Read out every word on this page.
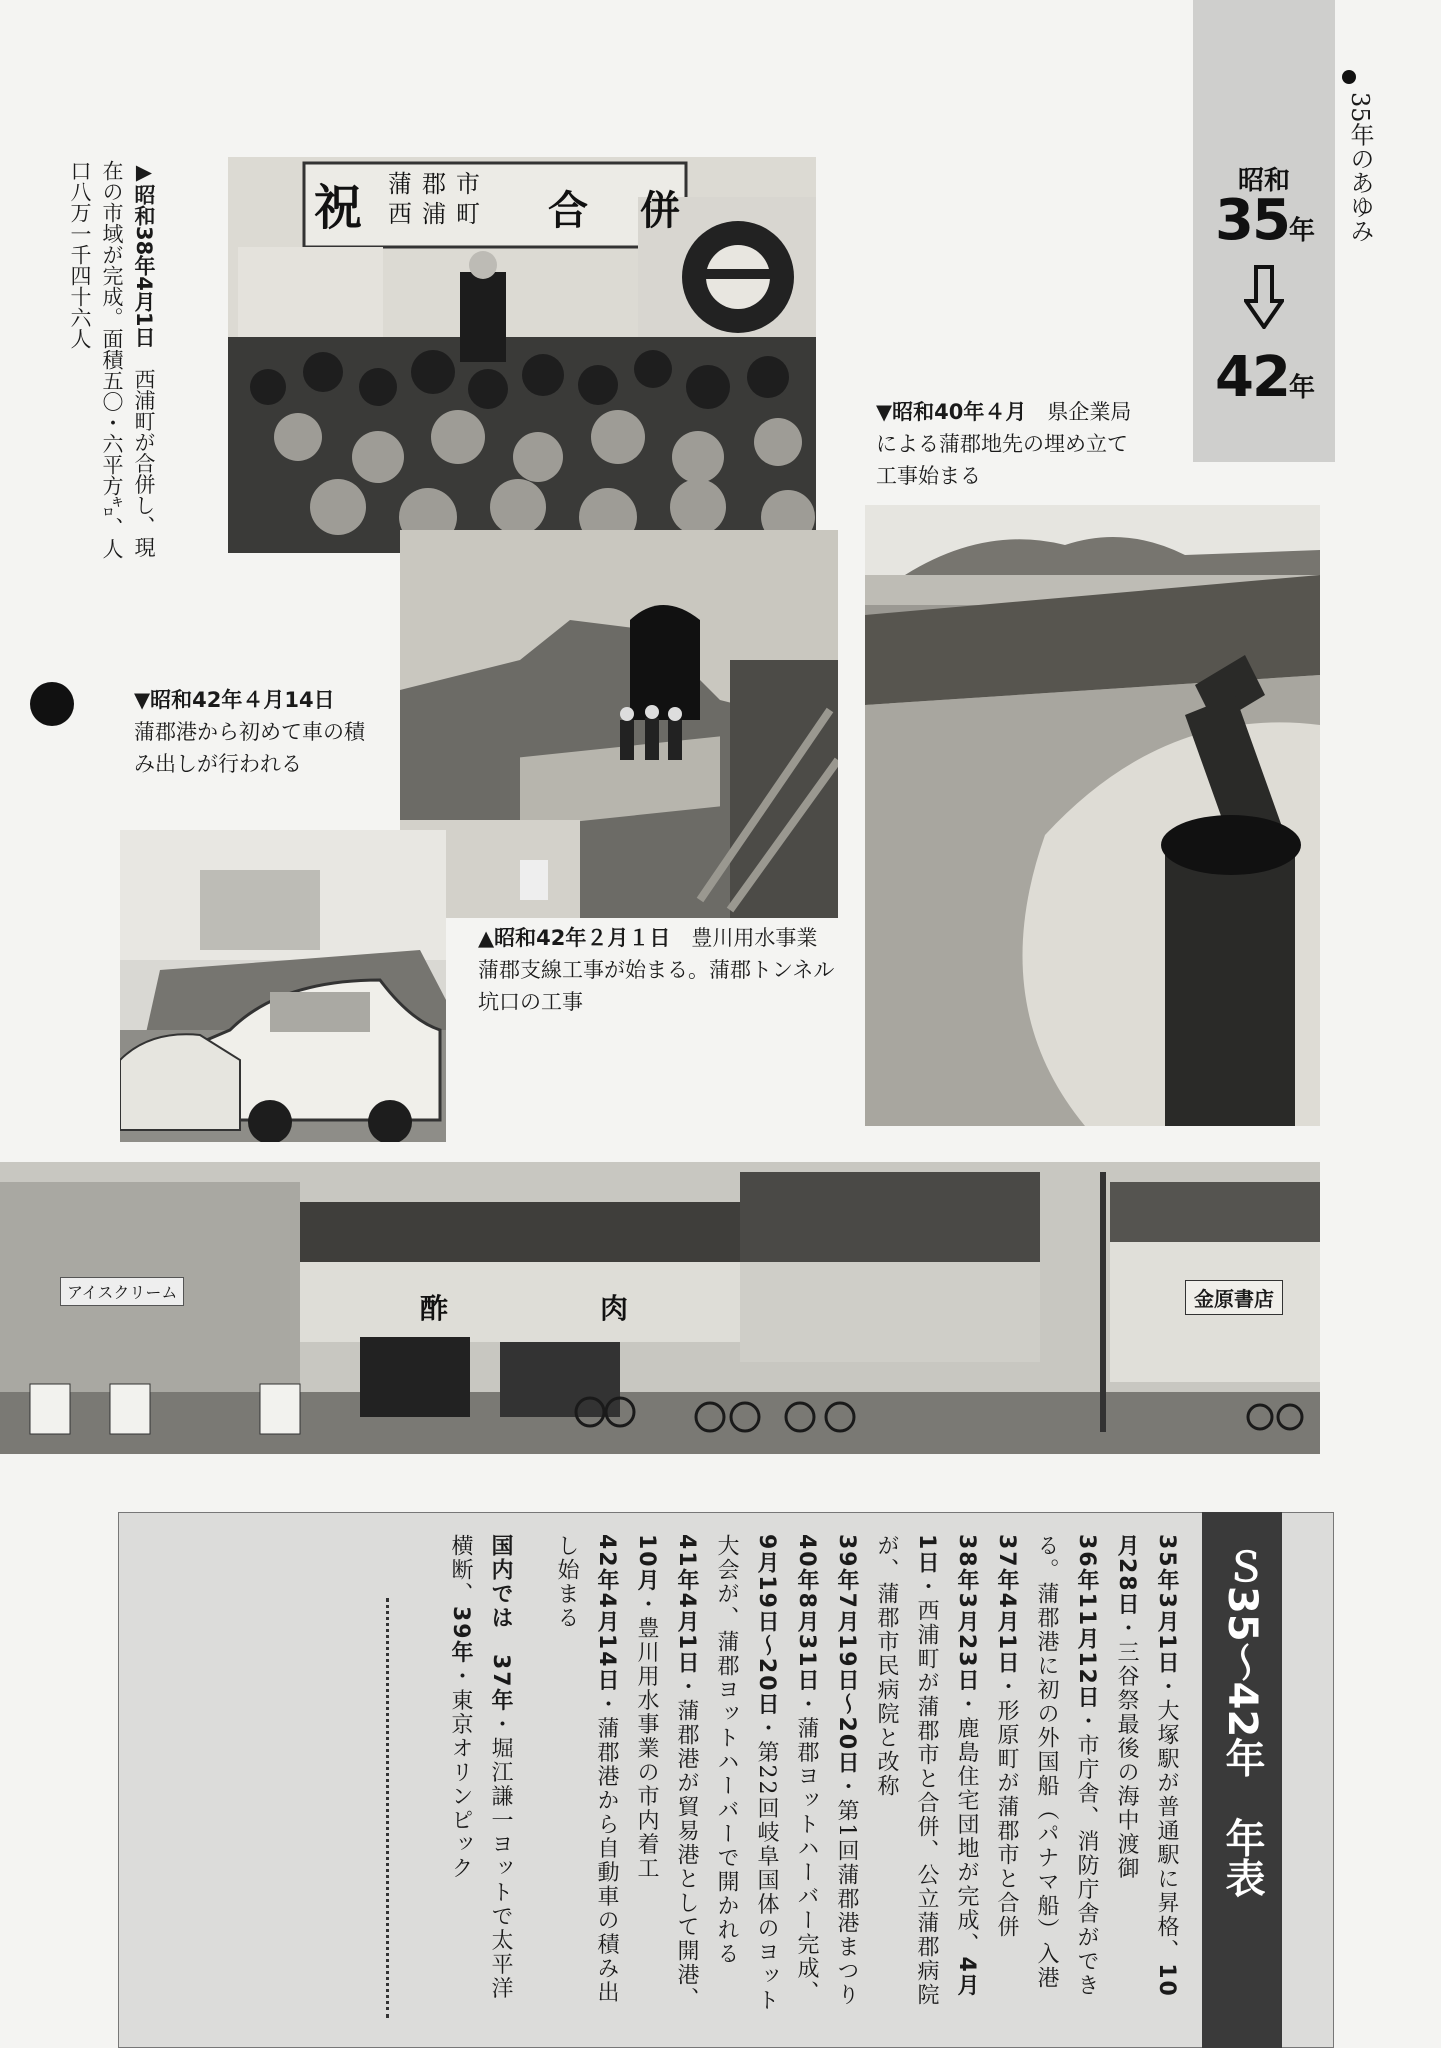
昭和
35年
42年
35年のあゆみ
祝 蒲郡市
西浦町 合　併
▶昭和38年4月1日　西浦町が合併し、現在の市域が完成。面積五〇・六平方㌔、人口八万一千四十六人
▼昭和40年４月　 県企業局による蒲郡地先の埋め立て工事始まる
▼昭和42年４月14日
蒲郡港から初めて車の積み出しが行われる
▲昭和42年２月１日　 豊川用水事業蒲郡支線工事が始まる。蒲郡トンネル坑口の工事
アイスクリーム	酢	肉	金原書店
35年3月1日・大塚駅が普通駅に昇格、10月28日・三谷祭最後の海中渡御
36年11月12日・市庁舎、消防庁舎ができる。蒲郡港に初の外国船（パナマ船）入港
37年4月1日・形原町が蒲郡市と合併
38年3月23日・鹿島住宅団地が完成、4月1日・西浦町が蒲郡市と合併、公立蒲郡病院が、蒲郡市民病院と改称
39年7月19日〜20日・第1回蒲郡港まつり
40年8月31日・蒲郡ヨットハーバー完成、9月19日〜20日・第22回岐阜国体のヨット大会が、蒲郡ヨットハーバーで開かれる
41年4月1日・蒲郡港が貿易港として開港、10月・豊川用水事業の市内着工
42年4月14日・蒲郡港から自動車の積み出し始まる
国内では　37年・堀江謙一ヨットで太平洋横断、39年・東京オリンピック	Ｓ35〜42年　年表
